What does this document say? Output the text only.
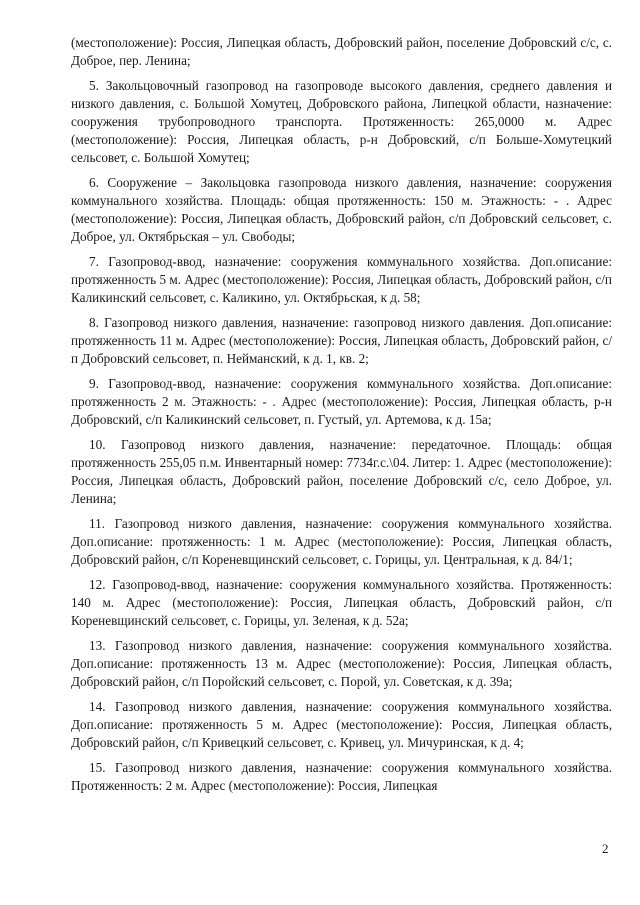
(местоположение): Россия, Липецкая область, Добровский район, поселение Добровский с/с, с. Доброе, пер. Ленина;

5. Закольцовочный газопровод на газопроводе высокого давления, среднего давления и низкого давления, с. Большой Хомутец, Добровского района, Липецкой области, назначение: сооружения трубопроводного транспорта. Протяженность: 265,0000 м. Адрес (местоположение): Россия, Липецкая область, р-н Добровский, с/п Больше-Хомутецкий сельсовет, с. Большой Хомутец;

6. Сооружение – Закольцовка газопровода низкого давления, назначение: сооружения коммунального хозяйства. Площадь: общая протяженность: 150 м. Этажность: - . Адрес (местоположение): Россия, Липецкая область, Добровский район, с/п Добровский сельсовет, с. Доброе, ул. Октябрьская – ул. Свободы;

7. Газопровод-ввод, назначение: сооружения коммунального хозяйства. Доп.описание: протяженность 5 м. Адрес (местоположение): Россия, Липецкая область, Добровский район, с/п Каликинский сельсовет, с. Каликино, ул. Октябрьская, к д. 58;

8. Газопровод низкого давления, назначение: газопровод низкого давления. Доп.описание: протяженность 11 м. Адрес (местоположение): Россия, Липецкая область, Добровский район, с/п Добровский сельсовет, п. Нейманский, к д. 1, кв. 2;

9. Газопровод-ввод, назначение: сооружения коммунального хозяйства. Доп.описание: протяженность 2 м. Этажность: - . Адрес (местоположение): Россия, Липецкая область, р-н Добровский, с/п Каликинский сельсовет, п. Густый, ул. Артемова, к д. 15а;

10. Газопровод низкого давления, назначение: передаточное. Площадь: общая протяженность 255,05 п.м. Инвентарный номер: 7734г.с.\04. Литер: 1. Адрес (местоположение): Россия, Липецкая область, Добровский район, поселение Добровский с/с, село Доброе, ул. Ленина;

11. Газопровод низкого давления, назначение: сооружения коммунального хозяйства. Доп.описание: протяженность: 1 м. Адрес (местоположение): Россия, Липецкая область, Добровский район, с/п Кореневщинский сельсовет, с. Горицы, ул. Центральная, к д. 84/1;

12. Газопровод-ввод, назначение: сооружения коммунального хозяйства. Протяженность: 140 м. Адрес (местоположение): Россия, Липецкая область, Добровский район, с/п Кореневщинский сельсовет, с. Горицы, ул. Зеленая, к д. 52а;

13. Газопровод низкого давления, назначение: сооружения коммунального хозяйства. Доп.описание: протяженность 13 м. Адрес (местоположение): Россия, Липецкая область, Добровский район, с/п Поройский сельсовет, с. Порой, ул. Советская, к д. 39а;

14. Газопровод низкого давления, назначение: сооружения коммунального хозяйства. Доп.описание: протяженность 5 м. Адрес (местоположение): Россия, Липецкая область, Добровский район, с/п Кривецкий сельсовет, с. Кривец, ул. Мичуринская, к д. 4;

15. Газопровод низкого давления, назначение: сооружения коммунального хозяйства. Протяженность: 2 м. Адрес (местоположение): Россия, Липецкая

2
